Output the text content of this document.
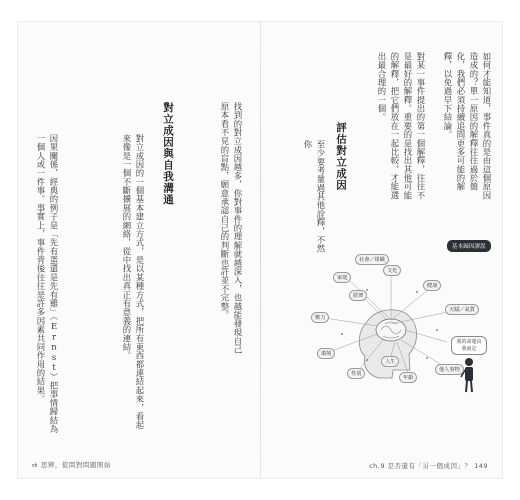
因果關係，經典的例子是「先有蛋還是先有雞」（Ernst）把事情歸結為一個人或一件事。事實上，事件背後往往是許多因素共同作用的結果。	對立成因的一個基本建立方式，是以某種方式，把所有東西都連結起來，看起來像是一個不斷擴展的網絡，從中找出真正有意義的連結。	對立成因與自我溝通	找到的對立成因越多，你對事件的理解就越深入，也越能發現自己原本看不見的盲點，願意承認自己的判斷也許並不完整。
ઌ 思辨，從問對問題開始
至少要考量過其他詮釋，不然你	評估對立成因	對某一事件提出的第一個解釋，往往不是最好的解釋。重要的是找出其他可能的解釋，把它們放在一起比較，才能選出最合理的一個。	如何才能知道，事件真的是由這個原因造成的？單一原因的解釋往往過於簡化，我們必須持續追問更多可能的解釋，以免過早下結論。
基本歸因謬誤
家庭
文化
經濟
社會／組織
健康
天賦／氣質
壓力
環境
性別
人生
年齡
他人事物
我的命運由我而定
ch.9 是否還有「另一個成因」？ 149
